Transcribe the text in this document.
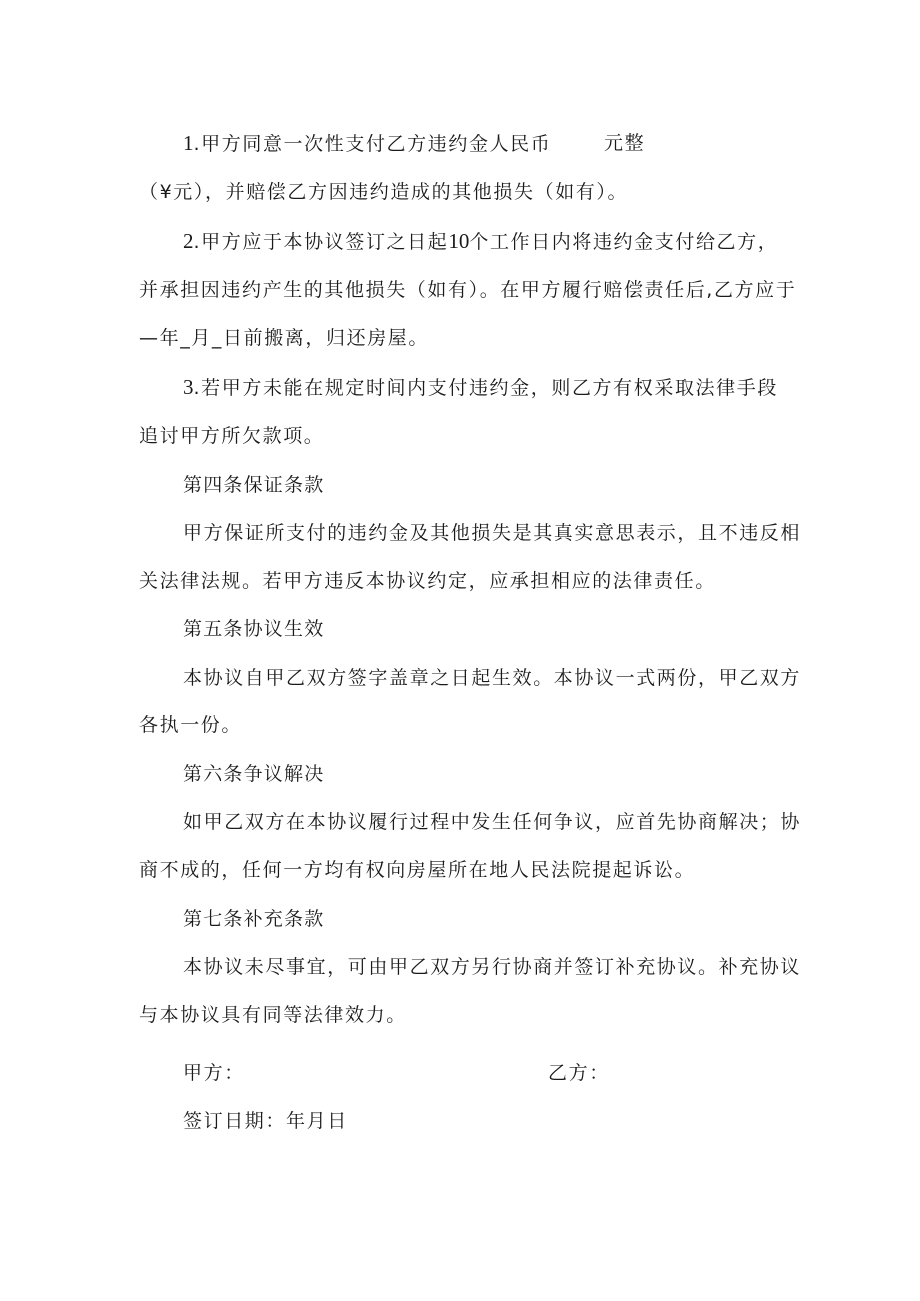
1.甲方同意一次性支付乙方违约金人民币	元整
（¥元），并赔偿乙方因违约造成的其他损失（如有）。
2.甲方应于本协议签订之日起10个工作日内将违约金支付给乙方，
并承担因违约产生的其他损失（如有）。在甲方履行赔偿责任后,乙方应于
—年_月_日前搬离，归还房屋。
3.若甲方未能在规定时间内支付违约金，则乙方有权采取法律手段
追讨甲方所欠款项。
第四条保证条款
甲方保证所支付的违约金及其他损失是其真实意思表示，且不违反相
关法律法规。若甲方违反本协议约定，应承担相应的法律责任。
第五条协议生效
本协议自甲乙双方签字盖章之日起生效。本协议一式两份，甲乙双方
各执一份。
第六条争议解决
如甲乙双方在本协议履行过程中发生任何争议，应首先协商解决；协
商不成的，任何一方均有权向房屋所在地人民法院提起诉讼。
第七条补充条款
本协议未尽事宜，可由甲乙双方另行协商并签订补充协议。补充协议
与本协议具有同等法律效力。
甲方：	乙方：
签订日期：年月日
